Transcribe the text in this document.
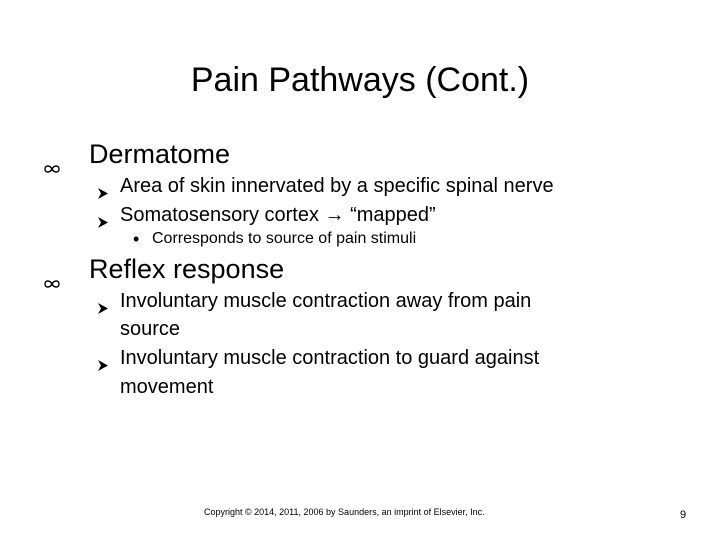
Pain Pathways (Cont.)
Dermatome
Area of skin innervated by a specific spinal nerve
Somatosensory cortex → “mapped”
• Corresponds to source of pain stimuli
Reflex response
Involuntary muscle contraction away from pain
source
Involuntary muscle contraction to guard against
movement
Copyright © 2014, 2011, 2006 by Saunders, an imprint of Elsevier, Inc.	9
